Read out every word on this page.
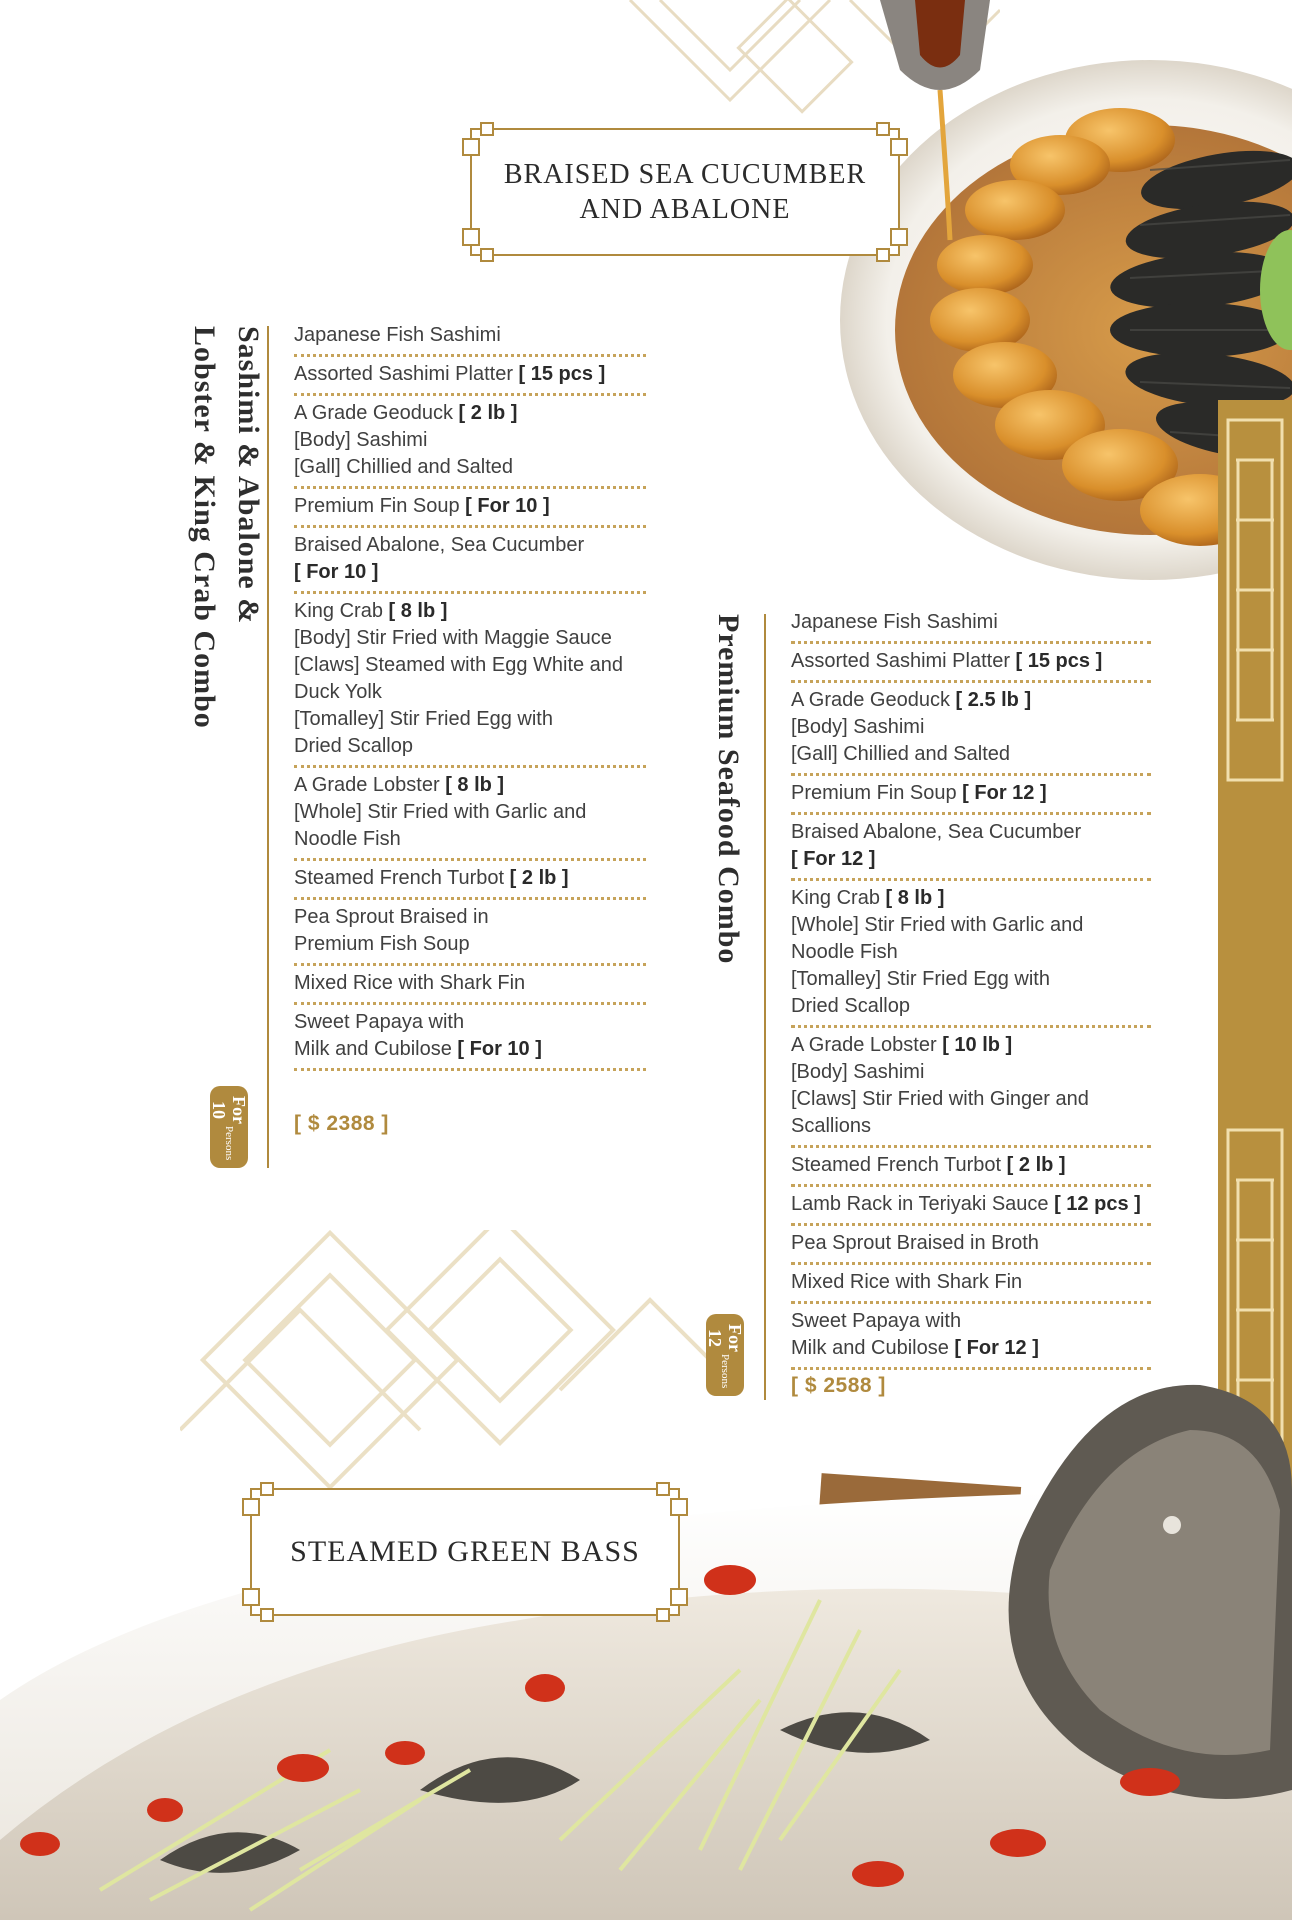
BRAISED SEA CUCUMBER
AND ABALONE
STEAMED GREEN BASS
Sashimi & Abalone &
Lobster & King Crab Combo
For 10
Persons
Japanese Fish Sashimi
Assorted Sashimi Platter [ 15 pcs ]
A Grade Geoduck [ 2 lb ]
[Body] Sashimi
[Gall] Chillied and Salted
Premium Fin Soup [ For 10 ]
Braised Abalone, Sea Cucumber
[ For 10 ]
King Crab [ 8 lb ]
[Body] Stir Fried with Maggie Sauce
[Claws] Steamed with Egg White and
Duck Yolk
[Tomalley] Stir Fried Egg with
Dried Scallop
A Grade Lobster [ 8 lb ]
[Whole] Stir Fried with Garlic and
Noodle Fish
Steamed French Turbot [ 2 lb ]
Pea Sprout Braised in
Premium Fish Soup
Mixed Rice with Shark Fin
Sweet Papaya with
Milk and Cubilose [ For 10 ]
[ $ 2388 ]
Premium Seafood Combo
For 12
Persons
Japanese Fish Sashimi
Assorted Sashimi Platter [ 15 pcs ]
A Grade Geoduck [ 2.5 lb ]
[Body] Sashimi
[Gall] Chillied and Salted
Premium Fin Soup [ For 12 ]
Braised Abalone, Sea Cucumber
[ For 12 ]
King Crab [ 8 lb ]
[Whole] Stir Fried with Garlic and
Noodle Fish
[Tomalley] Stir Fried Egg with
Dried Scallop
A Grade Lobster [ 10 lb ]
[Body] Sashimi
[Claws] Stir Fried with Ginger and Scallions
Steamed French Turbot [ 2 lb ]
Lamb Rack in Teriyaki Sauce [ 12 pcs ]
Pea Sprout Braised in Broth
Mixed Rice with Shark Fin
Sweet Papaya with
Milk and Cubilose [ For 12 ]
[ $ 2588 ]
